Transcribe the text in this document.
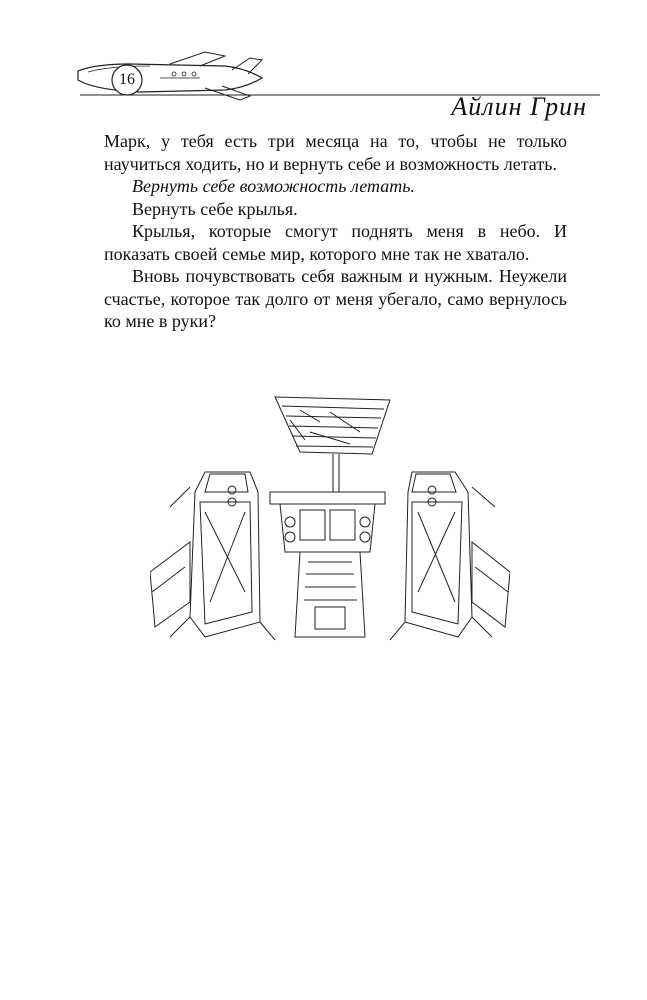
16
Айлин Грин

Марк, у тебя есть три месяца на то, чтобы не только научиться ходить, но и вернуть себе и возможность летать.

Вернуть себе возможность летать.

Вернуть себе крылья.

Крылья, которые смогут поднять меня в небо. И показать своей семье мир, которого мне так не хватало.

Вновь почувствовать себя важным и нужным. Неужели счастье, которое так долго от меня убегало, само вернулось ко мне в руки?
